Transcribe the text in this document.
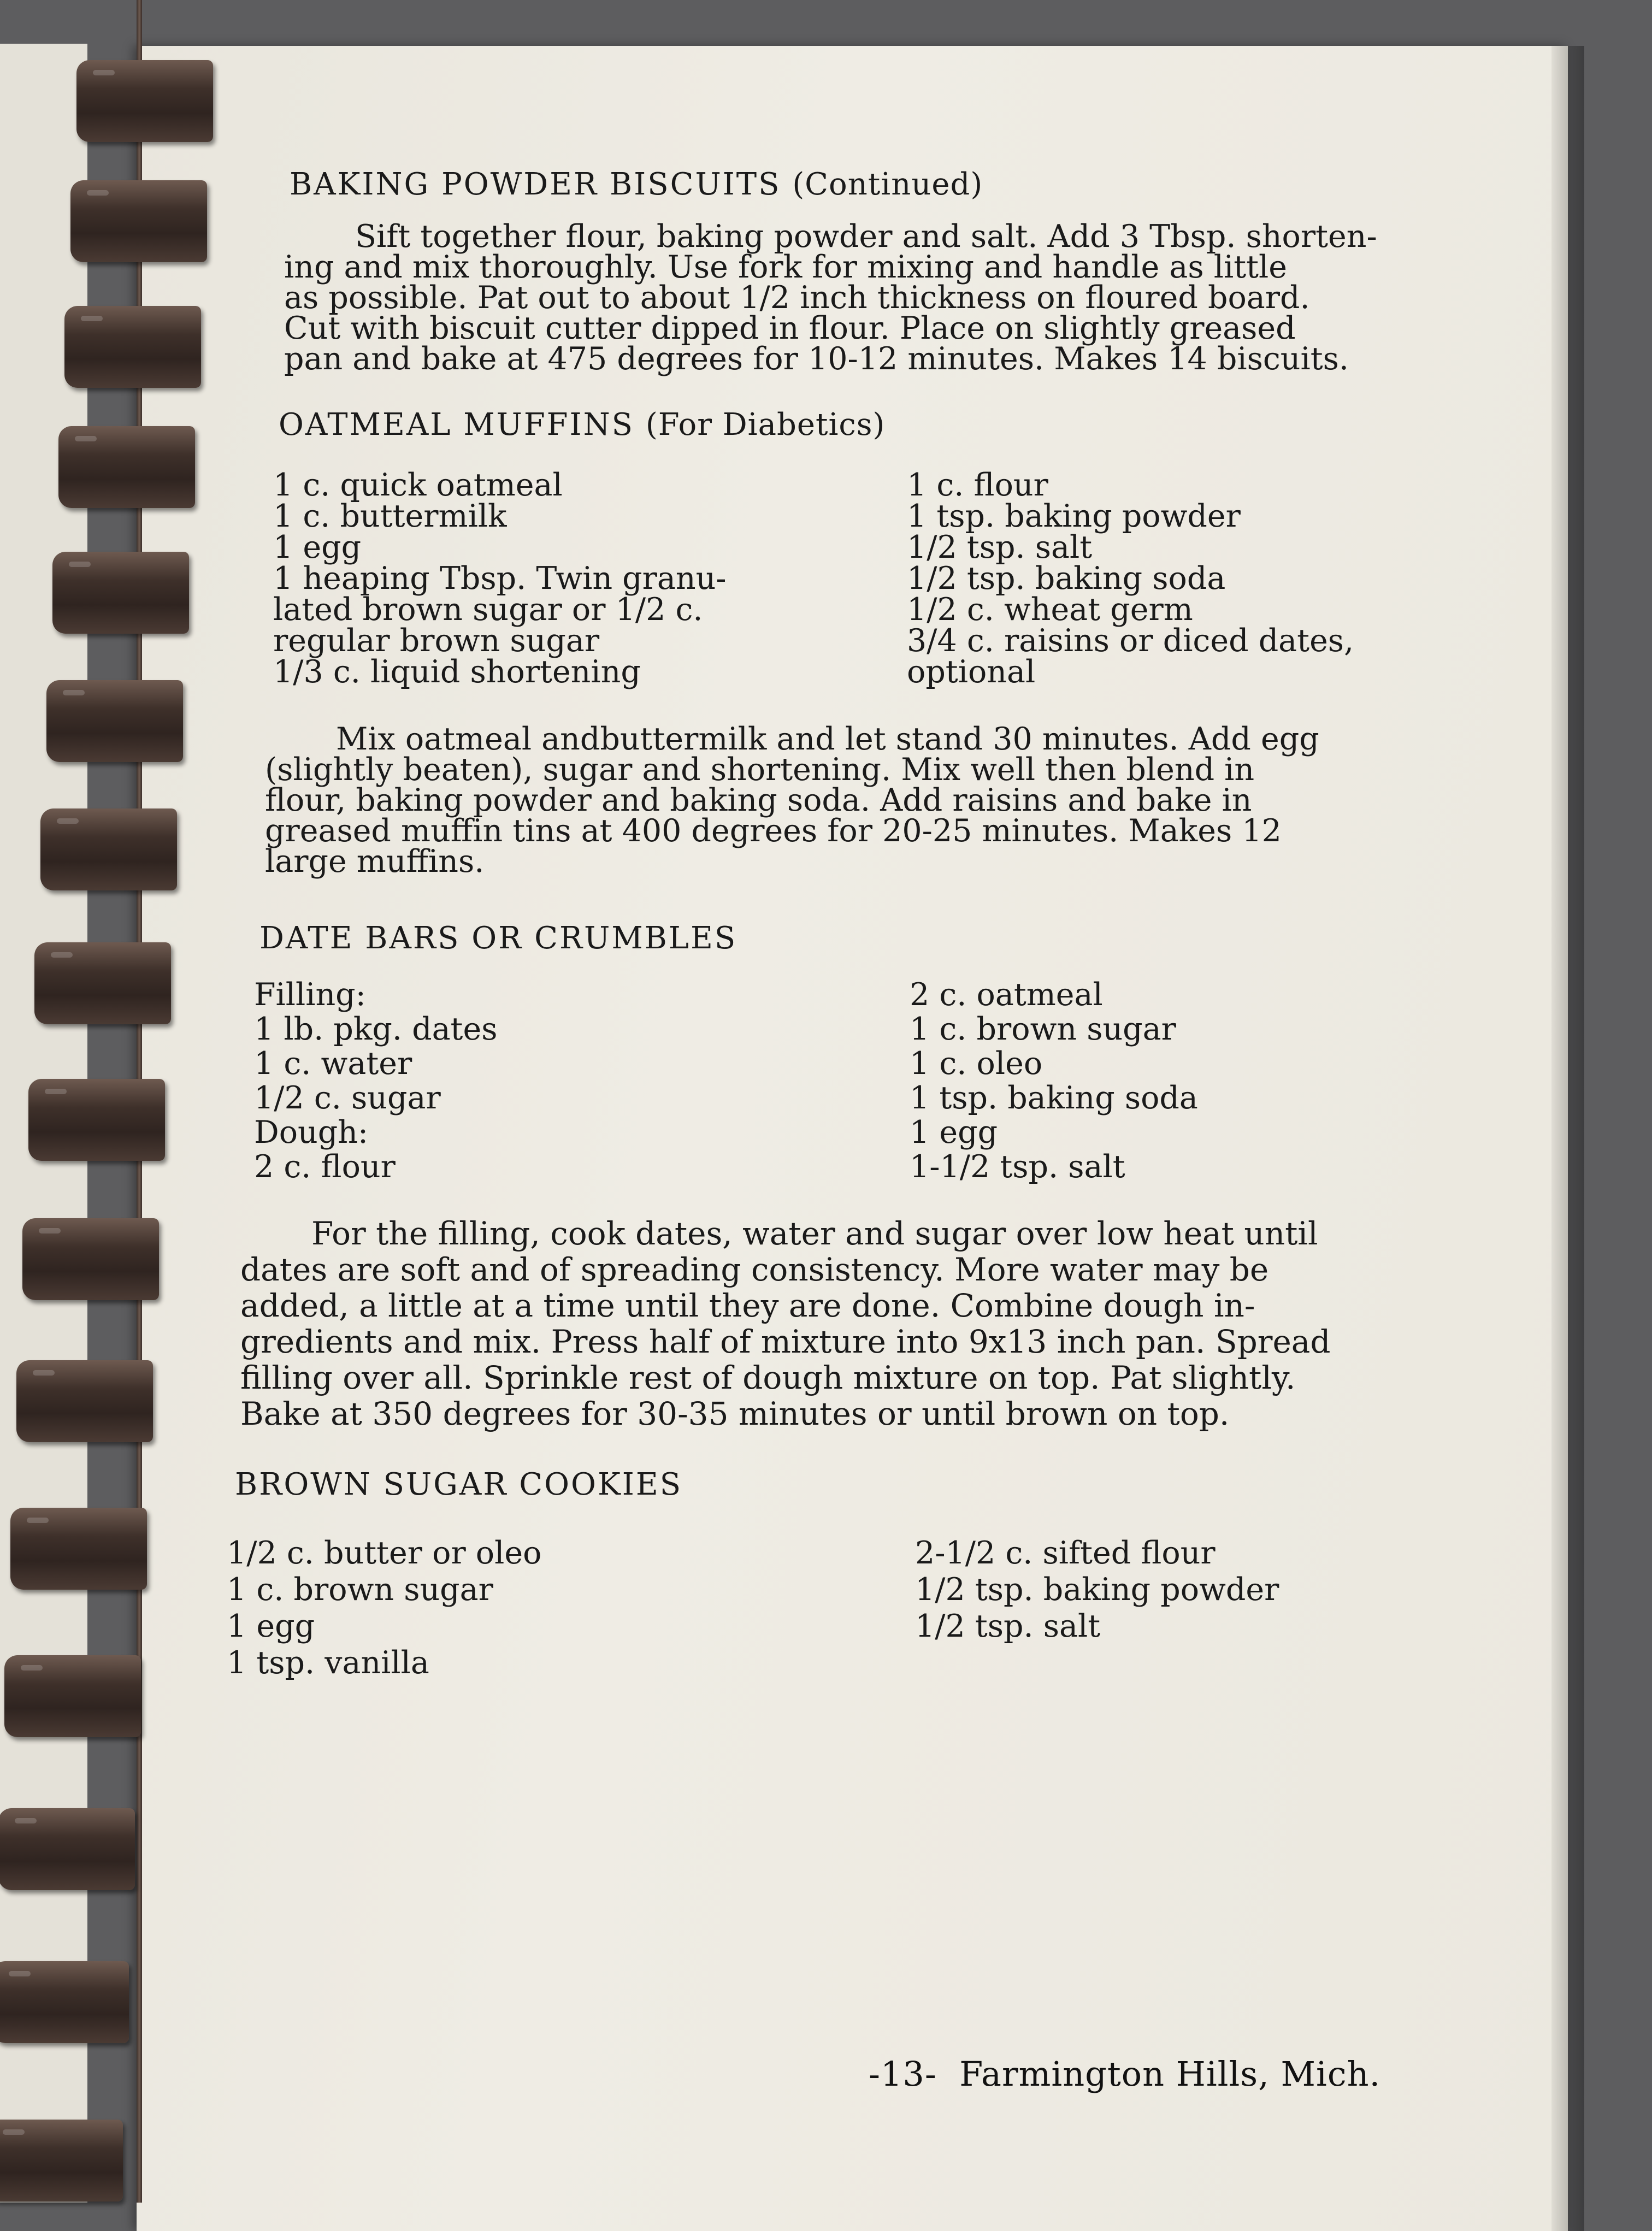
BAKING POWDER BISCUITS (Continued)

Sift together flour, baking powder and salt. Add 3 Tbsp. shorten-
ing and mix thoroughly. Use fork for mixing and handle as little
as possible. Pat out to about 1/2 inch thickness on floured board.
Cut with biscuit cutter dipped in flour. Place on slightly greased
pan and bake at 475 degrees for 10-12 minutes. Makes 14 biscuits.

OATMEAL MUFFINS (For Diabetics)

1 c. quick oatmeal
1 c. buttermilk
1 egg
1 heaping Tbsp. Twin granu-
lated brown sugar or 1/2 c.
regular brown sugar
1/3 c. liquid shortening
1 c. flour
1 tsp. baking powder
1/2 tsp. salt
1/2 tsp. baking soda
1/2 c. wheat germ
3/4 c. raisins or diced dates,
optional

Mix oatmeal andbuttermilk and let stand 30 minutes. Add egg
(slightly beaten), sugar and shortening. Mix well then blend in
flour, baking powder and baking soda. Add raisins and bake in
greased muffin tins at 400 degrees for 20-25 minutes. Makes 12
large muffins.

DATE BARS OR CRUMBLES

Filling:
1 lb. pkg. dates
1 c. water
1/2 c. sugar
Dough:
2 c. flour
2 c. oatmeal
1 c. brown sugar
1 c. oleo
1 tsp. baking soda
1 egg
1-1/2 tsp. salt

For the filling, cook dates, water and sugar over low heat until
dates are soft and of spreading consistency. More water may be
added, a little at a time until they are done. Combine dough in-
gredients and mix. Press half of mixture into 9x13 inch pan. Spread
filling over all. Sprinkle rest of dough mixture on top. Pat slightly.
Bake at 350 degrees for 30-35 minutes or until brown on top.

BROWN SUGAR COOKIES

1/2 c. butter or oleo
1 c. brown sugar
1 egg
1 tsp. vanilla
2-1/2 c. sifted flour
1/2 tsp. baking powder
1/2 tsp. salt
-13- Farmington Hills, Mich.
